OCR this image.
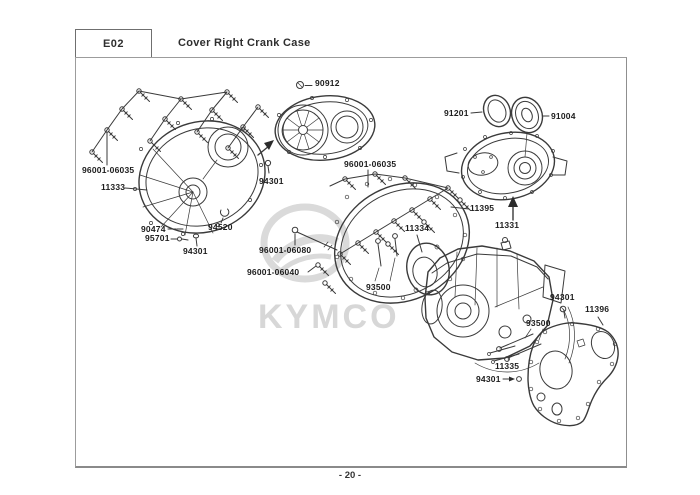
E02	Cover Right Crank Case
KYMCO
90912
96001-06035
11333
90474
95701
94301
94520
94301
96001-06035
96001-06080
96001-06040
11334
93500
11395
11331
91201	91004
94301
11396
93500
11335
94301
- 20 -
